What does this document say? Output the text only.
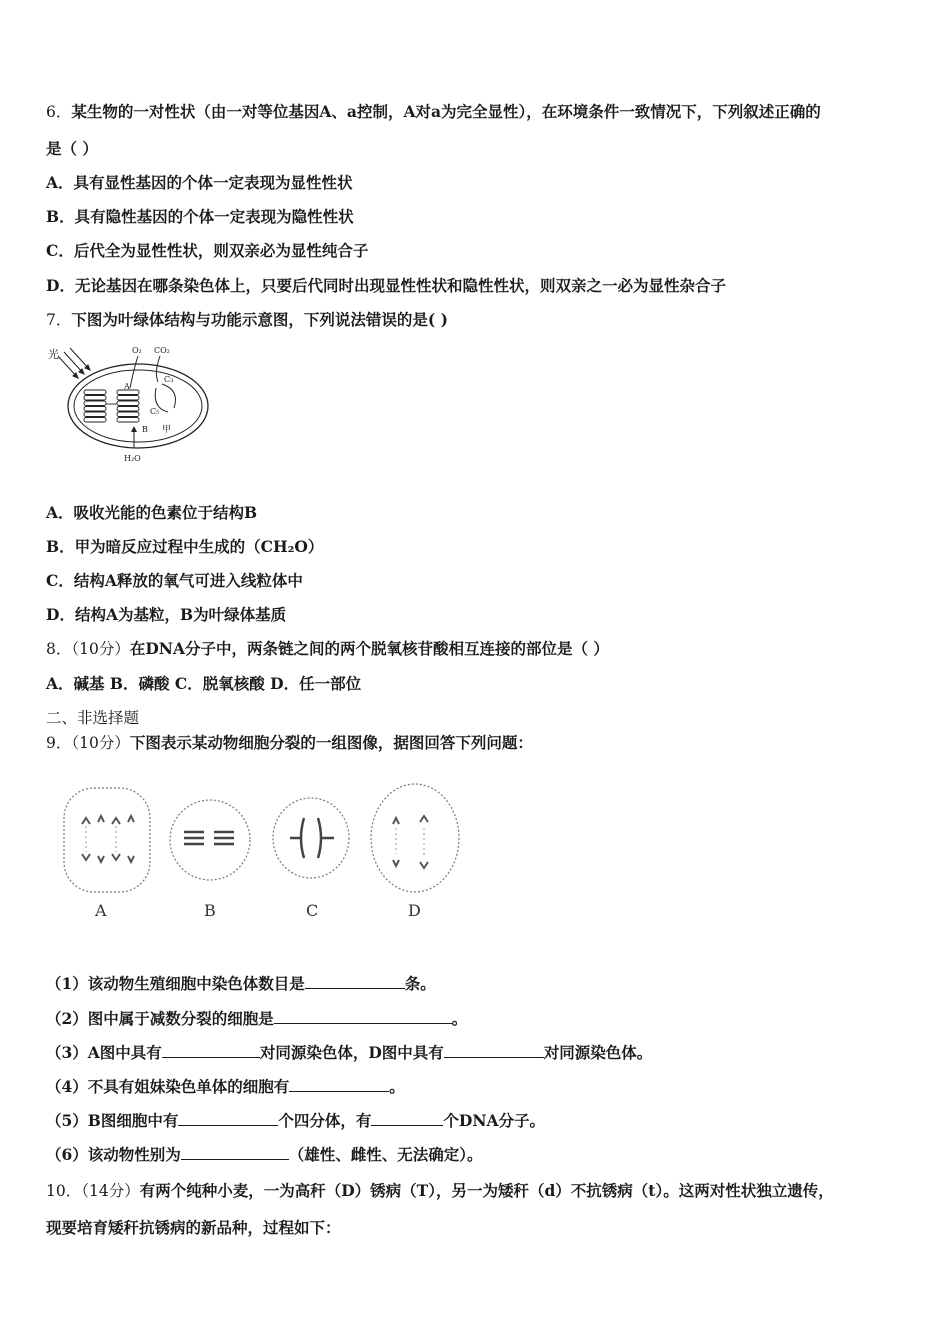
6．某生物的一对性状（由一对等位基因A、a控制，A对a为完全显性），在环境条件一致情况下，下列叙述正确的
是（ ）
A．具有显性基因的个体一定表现为显性性状
B．具有隐性基因的个体一定表现为隐性性状
C．后代全为显性性状，则双亲必为显性纯合子
D．无论基因在哪条染色体上，只要后代同时出现显性性状和隐性性状，则双亲之一必为显性杂合子
7．下图为叶绿体结构与功能示意图，下列说法错误的是( )
光
A
O₂ CO₂
C₃
C₅
B 甲
H₂O
A．吸收光能的色素位于结构B
B．甲为暗反应过程中生成的（CH₂O）
C．结构A释放的氧气可进入线粒体中
D．结构A为基粒，B为叶绿体基质
8．（10分）在DNA分子中，两条链之间的两个脱氧核苷酸相互连接的部位是（ ）
A．碱基 B．磷酸 C．脱氧核酸 D．任一部位
二、非选择题
9．（10分）下图表示某动物细胞分裂的一组图像，据图回答下列问题：
A	B	C	D
（1）该动物生殖细胞中染色体数目是	条。
（2）图中属于减数分裂的细胞是	。
（3）A图中具有	对同源染色体，D图中具有	对同源染色体。
（4）不具有姐妹染色单体的细胞有	。
（5）B图细胞中有	个四分体，有	个DNA分子。
（6）该动物性别为	（雄性、雌性、无法确定）。
10．（14分）有两个纯种小麦，一为高秆（D）锈病（T），另一为矮秆（d）不抗锈病（t）。这两对性状独立遗传，
现要培育矮秆抗锈病的新品种，过程如下：
